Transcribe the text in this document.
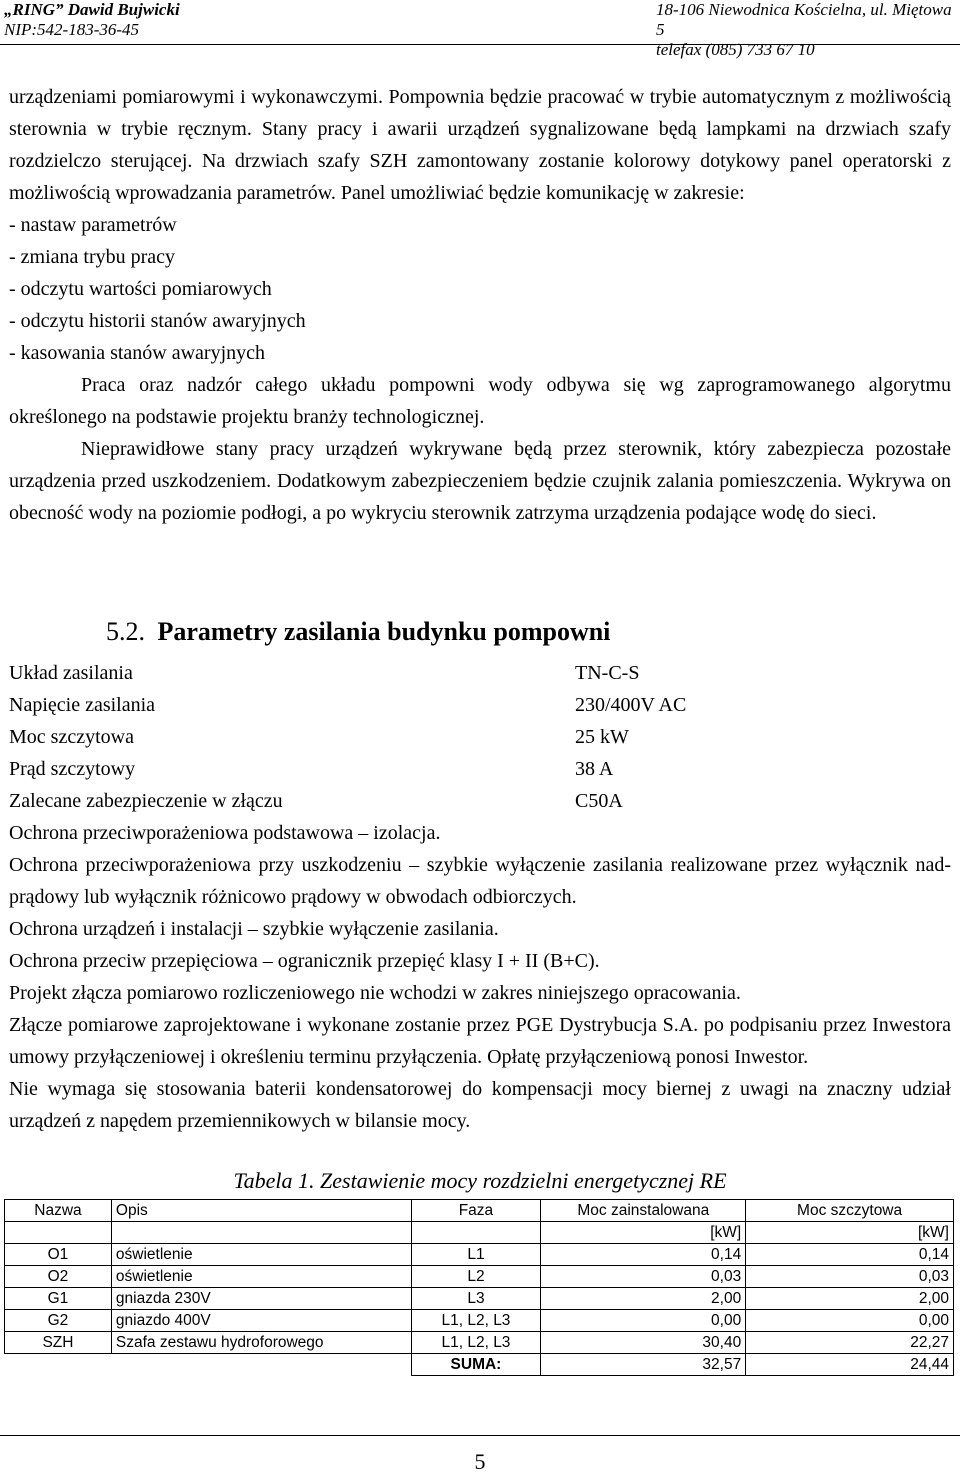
„RING” Dawid Bujwicki
NIP:542-183-36-45
18-106 Niewodnica Kościelna, ul. Miętowa 5
telefax (085) 733 67 10

urządzeniami pomiarowymi i wykonawczymi. Pompownia będzie pracować w trybie automatycznym z możliwością sterownia w trybie ręcznym. Stany pracy i awarii urządzeń sygnalizowane będą lampkami na drzwiach szafy rozdzielczo sterującej. Na drzwiach szafy SZH zamontowany zostanie kolorowy dotykowy panel operatorski z możliwością wprowadzania parametrów. Panel umożliwiać będzie komunikację w zakresie:

- nastaw parametrów

- zmiana trybu pracy

- odczytu wartości pomiarowych

- odczytu historii stanów awaryjnych

- kasowania stanów awaryjnych

Praca oraz nadzór całego układu pompowni wody odbywa się wg zaprogramowanego algorytmu określonego na podstawie projektu branży technologicznej.

Nieprawidłowe stany pracy urządzeń wykrywane będą przez sterownik, który zabezpiecza pozostałe urządzenia przed uszkodzeniem. Dodatkowym zabezpieczeniem będzie czujnik zalania pomieszczenia. Wykrywa on obecność wody na poziomie podłogi, a po wykryciu sterownik zatrzyma urządzenia podające wodę do sieci.

5.2. Parametry zasilania budynku pompowni
Układ zasilania	TN-C-S
Napięcie zasilania	230/400V AC
Moc szczytowa	25 kW
Prąd szczytowy	38 A
Zalecane zabezpieczenie w złączu	C50A

Ochrona przeciwporażeniowa podstawowa – izolacja.

Ochrona przeciwporażeniowa przy uszkodzeniu – szybkie wyłączenie zasilania realizowane przez wyłącznik nad-prądowy lub wyłącznik różnicowo prądowy w obwodach odbiorczych.

Ochrona urządzeń i instalacji – szybkie wyłączenie zasilania.

Ochrona przeciw przepięciowa – ogranicznik przepięć klasy I + II (B+C).

Projekt złącza pomiarowo rozliczeniowego nie wchodzi w zakres niniejszego opracowania.

Złącze pomiarowe zaprojektowane i wykonane zostanie przez PGE Dystrybucja S.A. po podpisaniu przez Inwestora umowy przyłączeniowej i określeniu terminu przyłączenia. Opłatę przyłączeniową ponosi Inwestor.

Nie wymaga się stosowania baterii kondensatorowej do kompensacji mocy biernej z uwagi na znaczny udział urządzeń z napędem przemiennikowych w bilansie mocy.

Tabela 1. Zestawienie mocy rozdzielni energetycznej RE
Nazwa	Opis	Faza	Moc zainstalowana	Moc szczytowa
			[kW]	[kW]
O1	oświetlenie	L1	0,14	0,14
O2	oświetlenie	L2	0,03	0,03
G1	gniazda 230V	L3	2,00	2,00
G2	gniazdo 400V	L1, L2, L3	0,00	0,00
SZH	Szafa zestawu hydroforowego	L1, L2, L3	30,40	22,27
		SUMA:	32,57	24,44
5
